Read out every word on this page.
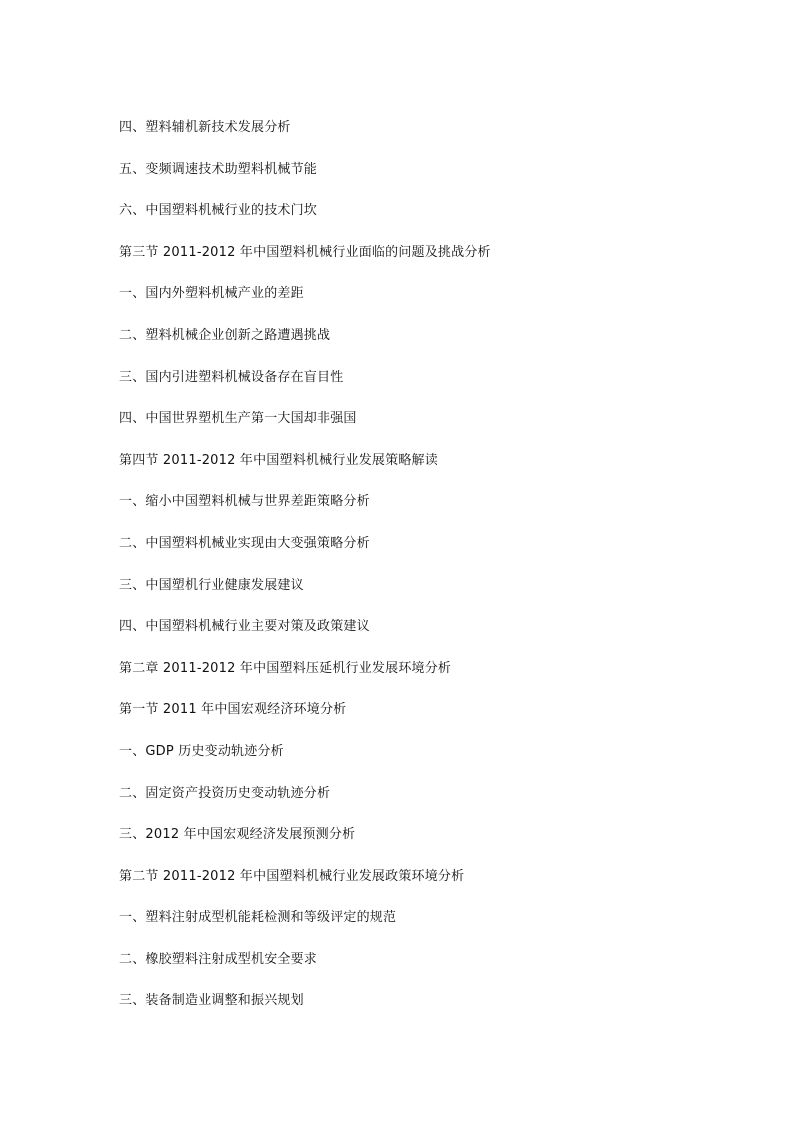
四、塑料辅机新技术发展分析
五、变频调速技术助塑料机械节能
六、中国塑料机械行业的技术门坎
第三节 2011-2012 年中国塑料机械行业面临的问题及挑战分析
一、国内外塑料机械产业的差距
二、塑料机械企业创新之路遭遇挑战
三、国内引进塑料机械设备存在盲目性
四、中国世界塑机生产第一大国却非强国
第四节 2011-2012 年中国塑料机械行业发展策略解读
一、缩小中国塑料机械与世界差距策略分析
二、中国塑料机械业实现由大变强策略分析
三、中国塑机行业健康发展建议
四、中国塑料机械行业主要对策及政策建议
第二章 2011-2012 年中国塑料压延机行业发展环境分析
第一节 2011 年中国宏观经济环境分析
一、GDP 历史变动轨迹分析
二、固定资产投资历史变动轨迹分析
三、2012 年中国宏观经济发展预测分析
第二节 2011-2012 年中国塑料机械行业发展政策环境分析
一、塑料注射成型机能耗检测和等级评定的规范
二、橡胶塑料注射成型机安全要求
三、装备制造业调整和振兴规划
